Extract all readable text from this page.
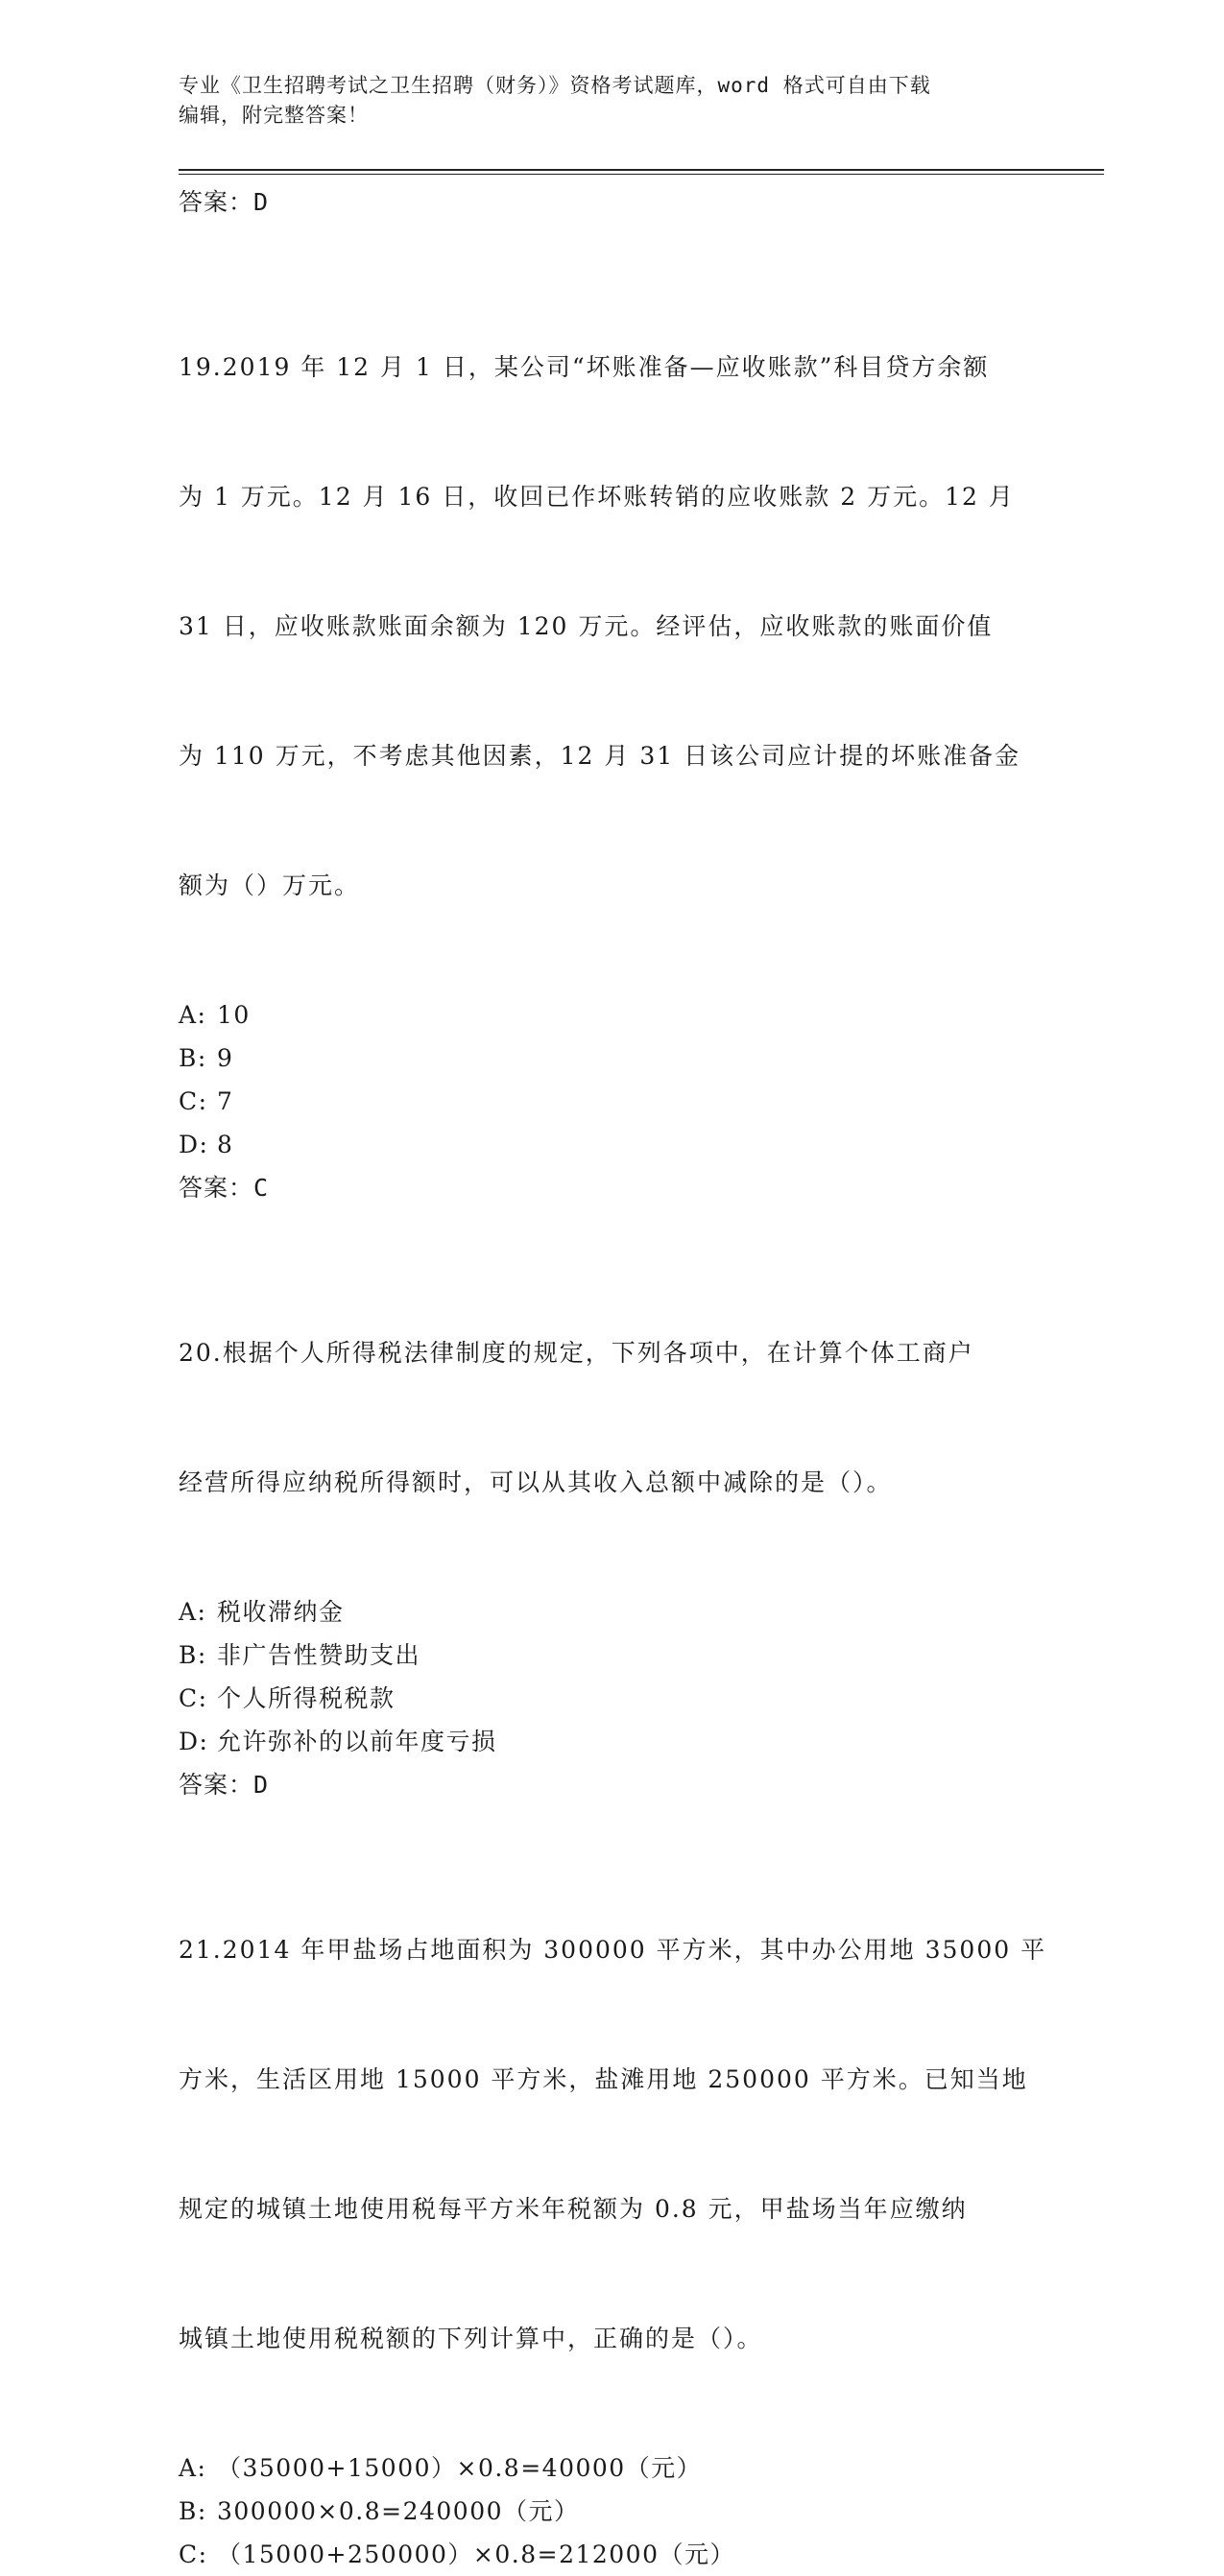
专业《卫生招聘考试之卫生招聘（财务）》资格考试题库，word 格式可自由下载
编辑，附完整答案！
答案：D

19.2019 年 12 月 1 日，某公司“坏账准备—应收账款”科目贷方余额

为 1 万元。12 月 16 日，收回已作坏账转销的应收账款 2 万元。12 月

31 日，应收账款账面余额为 120 万元。经评估，应收账款的账面价值

为 110 万元，不考虑其他因素，12 月 31 日该公司应计提的坏账准备金

额为（）万元。

A: 10
B: 9
C: 7
D: 8
答案：C

20.根据个人所得税法律制度的规定，下列各项中，在计算个体工商户

经营所得应纳税所得额时，可以从其收入总额中减除的是（）。

A: 税收滞纳金
B: 非广告性赞助支出
C: 个人所得税税款
D: 允许弥补的以前年度亏损
答案：D

21.2014 年甲盐场占地面积为 300000 平方米，其中办公用地 35000 平

方米，生活区用地 15000 平方米，盐滩用地 250000 平方米。已知当地

规定的城镇土地使用税每平方米年税额为 0.8 元，甲盐场当年应缴纳

城镇土地使用税税额的下列计算中，正确的是（）。

A: （35000+15000）×0.8=40000（元）
B: 300000×0.8=240000（元）
C: （15000+250000）×0.8=212000（元）
